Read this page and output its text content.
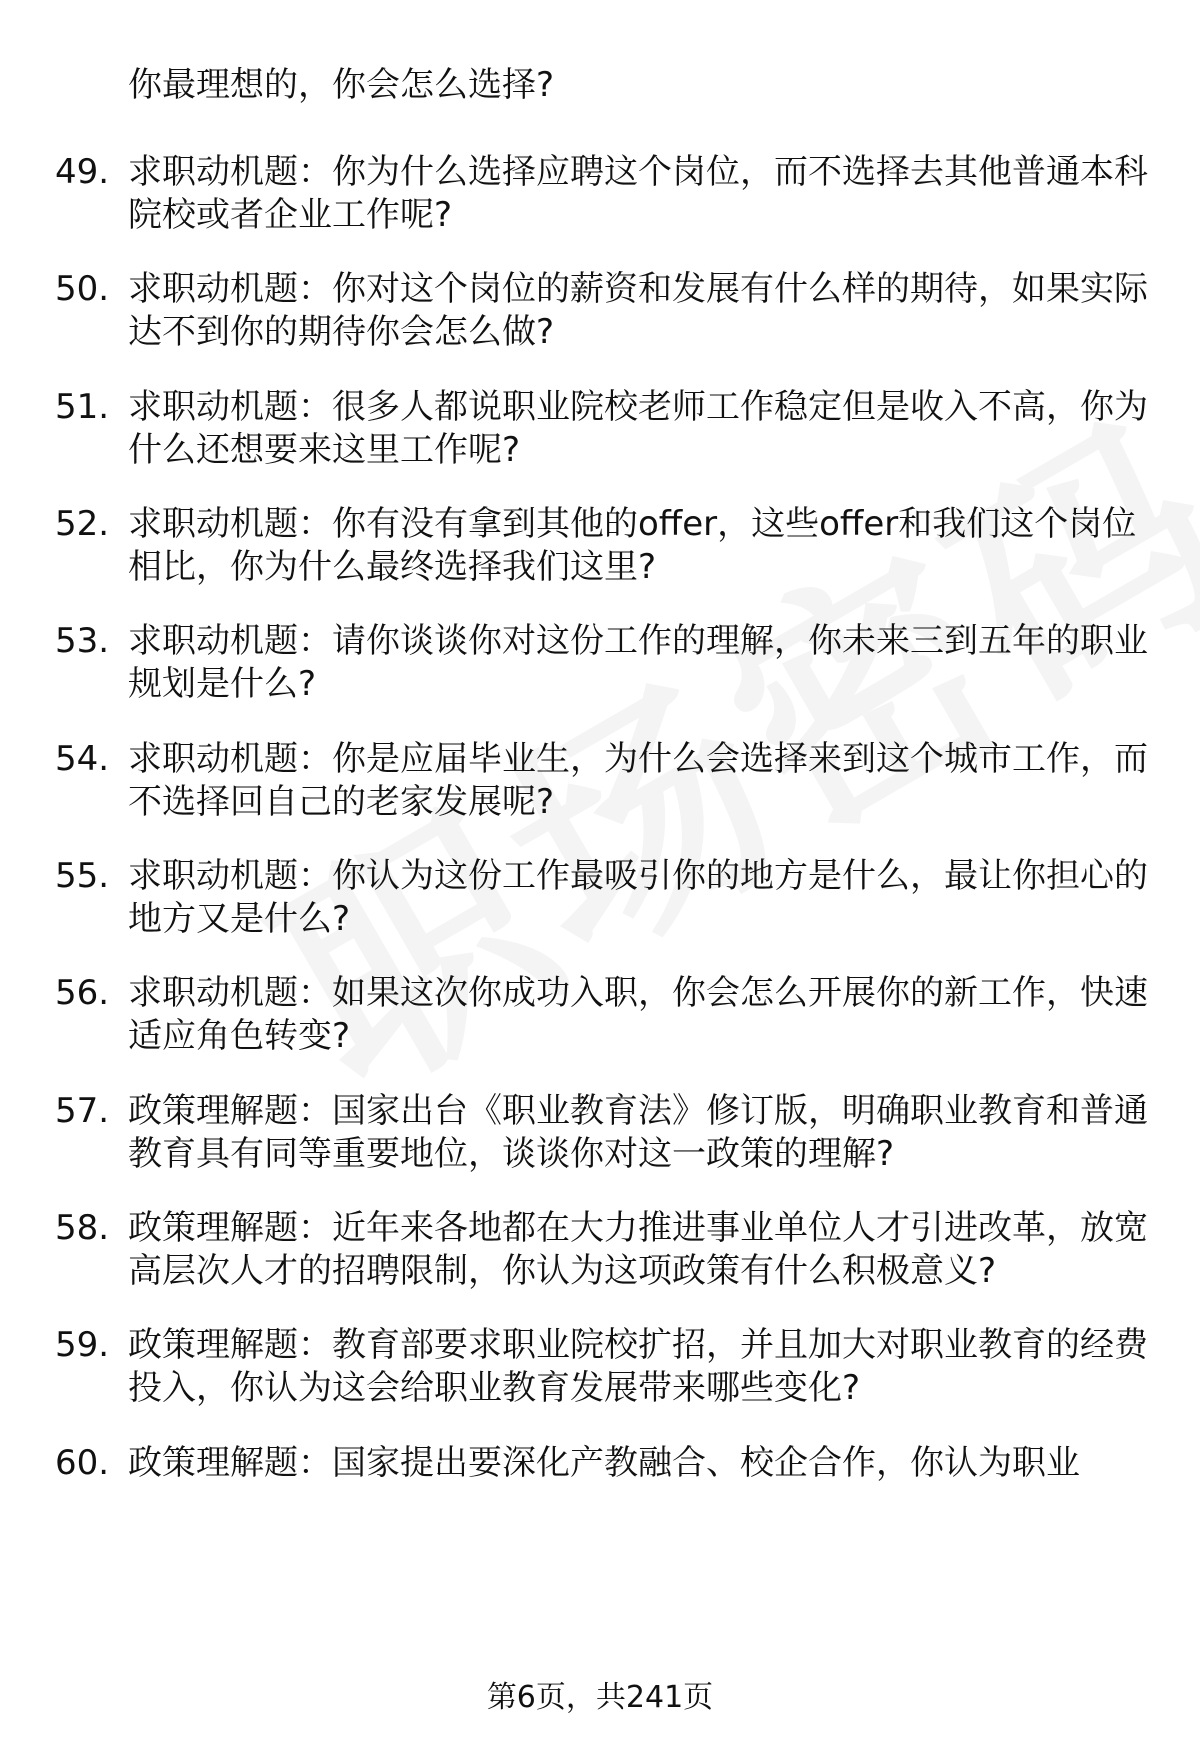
你最理想的，你会怎么选择?
49. 求职动机题：你为什么选择应聘这个岗位，而不选择去其他普通本科院校或者企业工作呢?
50. 求职动机题：你对这个岗位的薪资和发展有什么样的期待，如果实际达不到你的期待你会怎么做?
51. 求职动机题：很多人都说职业院校老师工作稳定但是收入不高，你为什么还想要来这里工作呢?
52. 求职动机题：你有没有拿到其他的offer，这些offer和我们这个岗位相比，你为什么最终选择我们这里?
53. 求职动机题：请你谈谈你对这份工作的理解，你未来三到五年的职业规划是什么?
54. 求职动机题：你是应届毕业生，为什么会选择来到这个城市工作，而不选择回自己的老家发展呢?
55. 求职动机题：你认为这份工作最吸引你的地方是什么，最让你担心的地方又是什么?
56. 求职动机题：如果这次你成功入职，你会怎么开展你的新工作，快速适应角色转变?
57. 政策理解题：国家出台《职业教育法》修订版，明确职业教育和普通教育具有同等重要地位，谈谈你对这一政策的理解?
58. 政策理解题：近年来各地都在大力推进事业单位人才引进改革，放宽高层次人才的招聘限制，你认为这项政策有什么积极意义?
59. 政策理解题：教育部要求职业院校扩招，并且加大对职业教育的经费投入，你认为这会给职业教育发展带来哪些变化?
60. 政策理解题：国家提出要深化产教融合、校企合作，你认为职业
第6页，共241页
